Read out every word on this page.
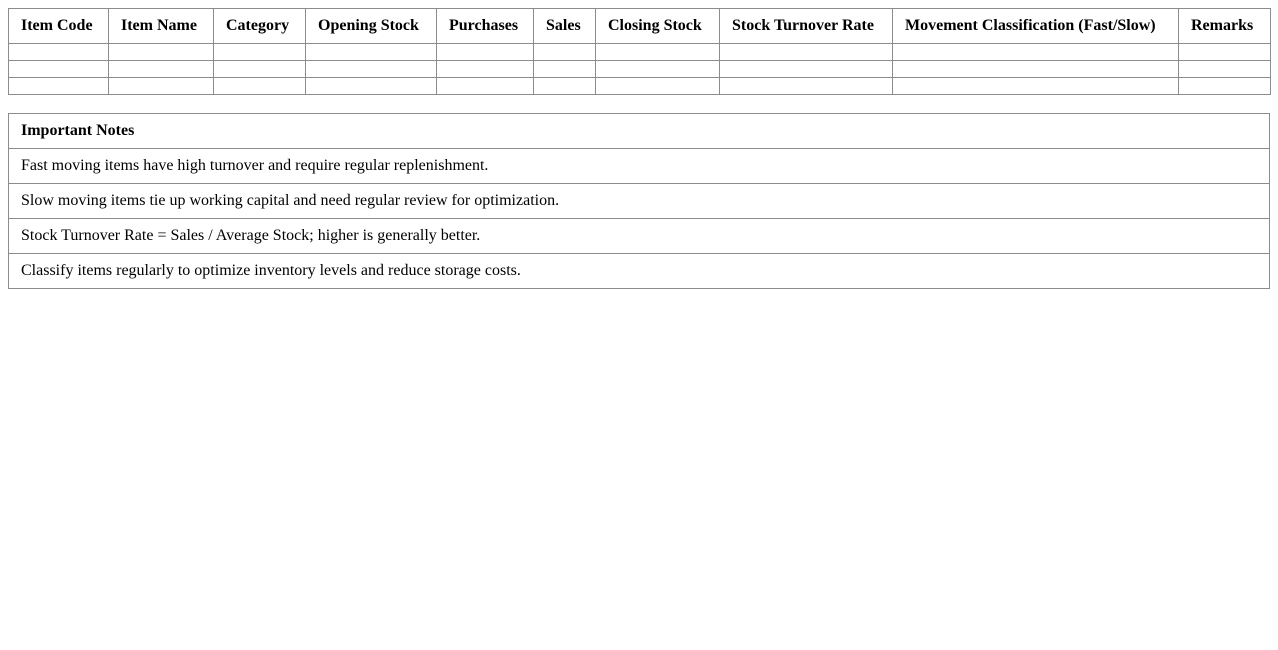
Item Code	Item Name	Category	Opening Stock	Purchases	Sales	Closing Stock	Stock Turnover Rate	Movement Classification (Fast/Slow)	Remarks

Important Notes
Fast moving items have high turnover and require regular replenishment.
Slow moving items tie up working capital and need regular review for optimization.
Stock Turnover Rate = Sales / Average Stock; higher is generally better.
Classify items regularly to optimize inventory levels and reduce storage costs.
